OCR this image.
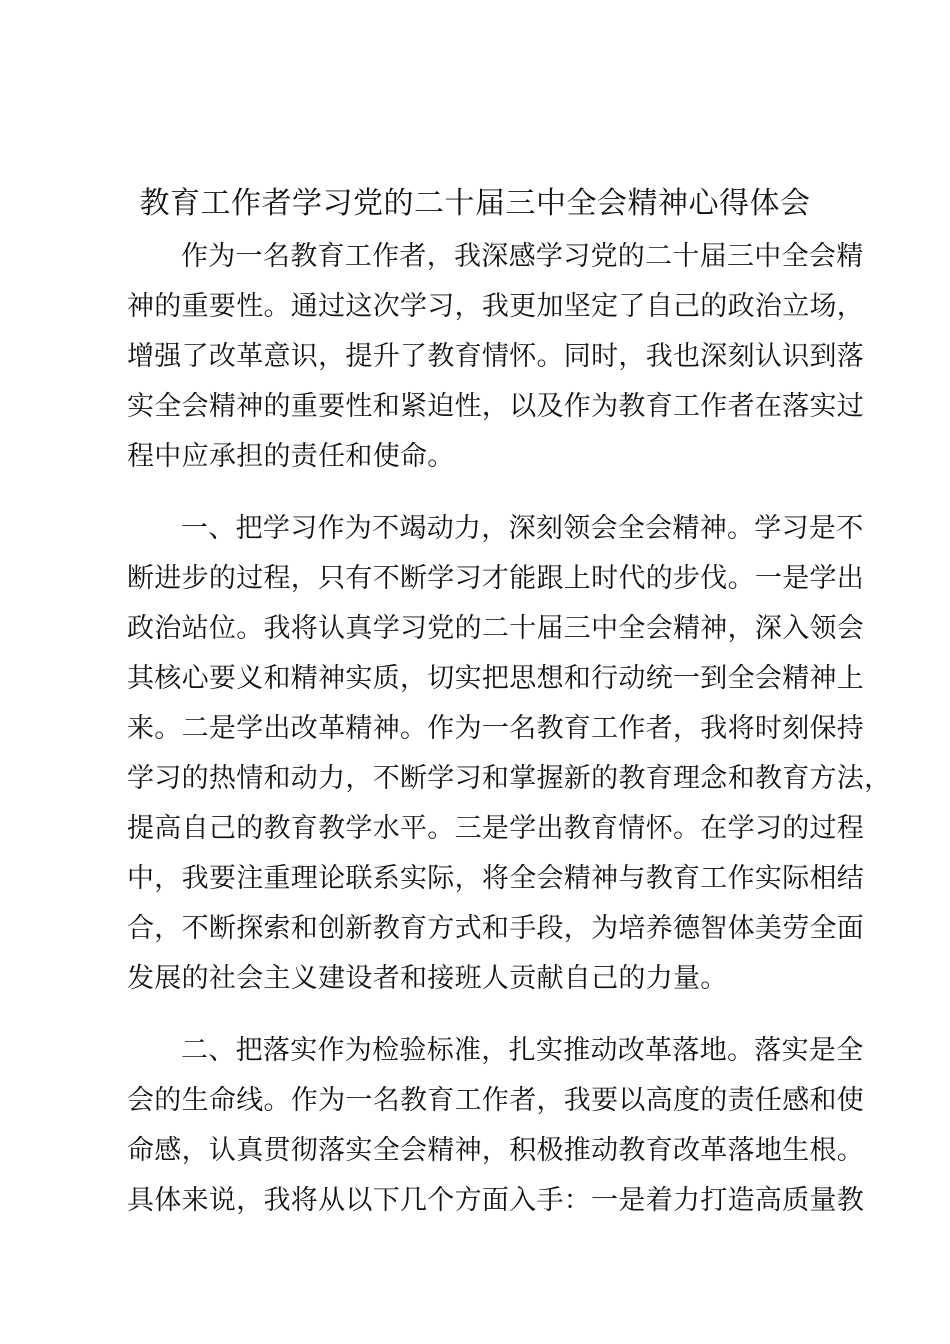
教育工作者学习党的二十届三中全会精神心得体会
作为一名教育工作者，我深感学习党的二十届三中全会精
神的重要性。通过这次学习，我更加坚定了自己的政治立场，
增强了改革意识，提升了教育情怀。同时，我也深刻认识到落
实全会精神的重要性和紧迫性，以及作为教育工作者在落实过
程中应承担的责任和使命。
一、把学习作为不竭动力，深刻领会全会精神。学习是不
断进步的过程，只有不断学习才能跟上时代的步伐。一是学出
政治站位。我将认真学习党的二十届三中全会精神，深入领会
其核心要义和精神实质，切实把思想和行动统一到全会精神上
来。二是学出改革精神。作为一名教育工作者，我将时刻保持
学习的热情和动力，不断学习和掌握新的教育理念和教育方法，
提高自己的教育教学水平。三是学出教育情怀。在学习的过程
中，我要注重理论联系实际，将全会精神与教育工作实际相结
合，不断探索和创新教育方式和手段，为培养德智体美劳全面
发展的社会主义建设者和接班人贡献自己的力量。
二、把落实作为检验标准，扎实推动改革落地。落实是全
会的生命线。作为一名教育工作者，我要以高度的责任感和使
命感，认真贯彻落实全会精神，积极推动教育改革落地生根。
具体来说，我将从以下几个方面入手：一是着力打造高质量教
